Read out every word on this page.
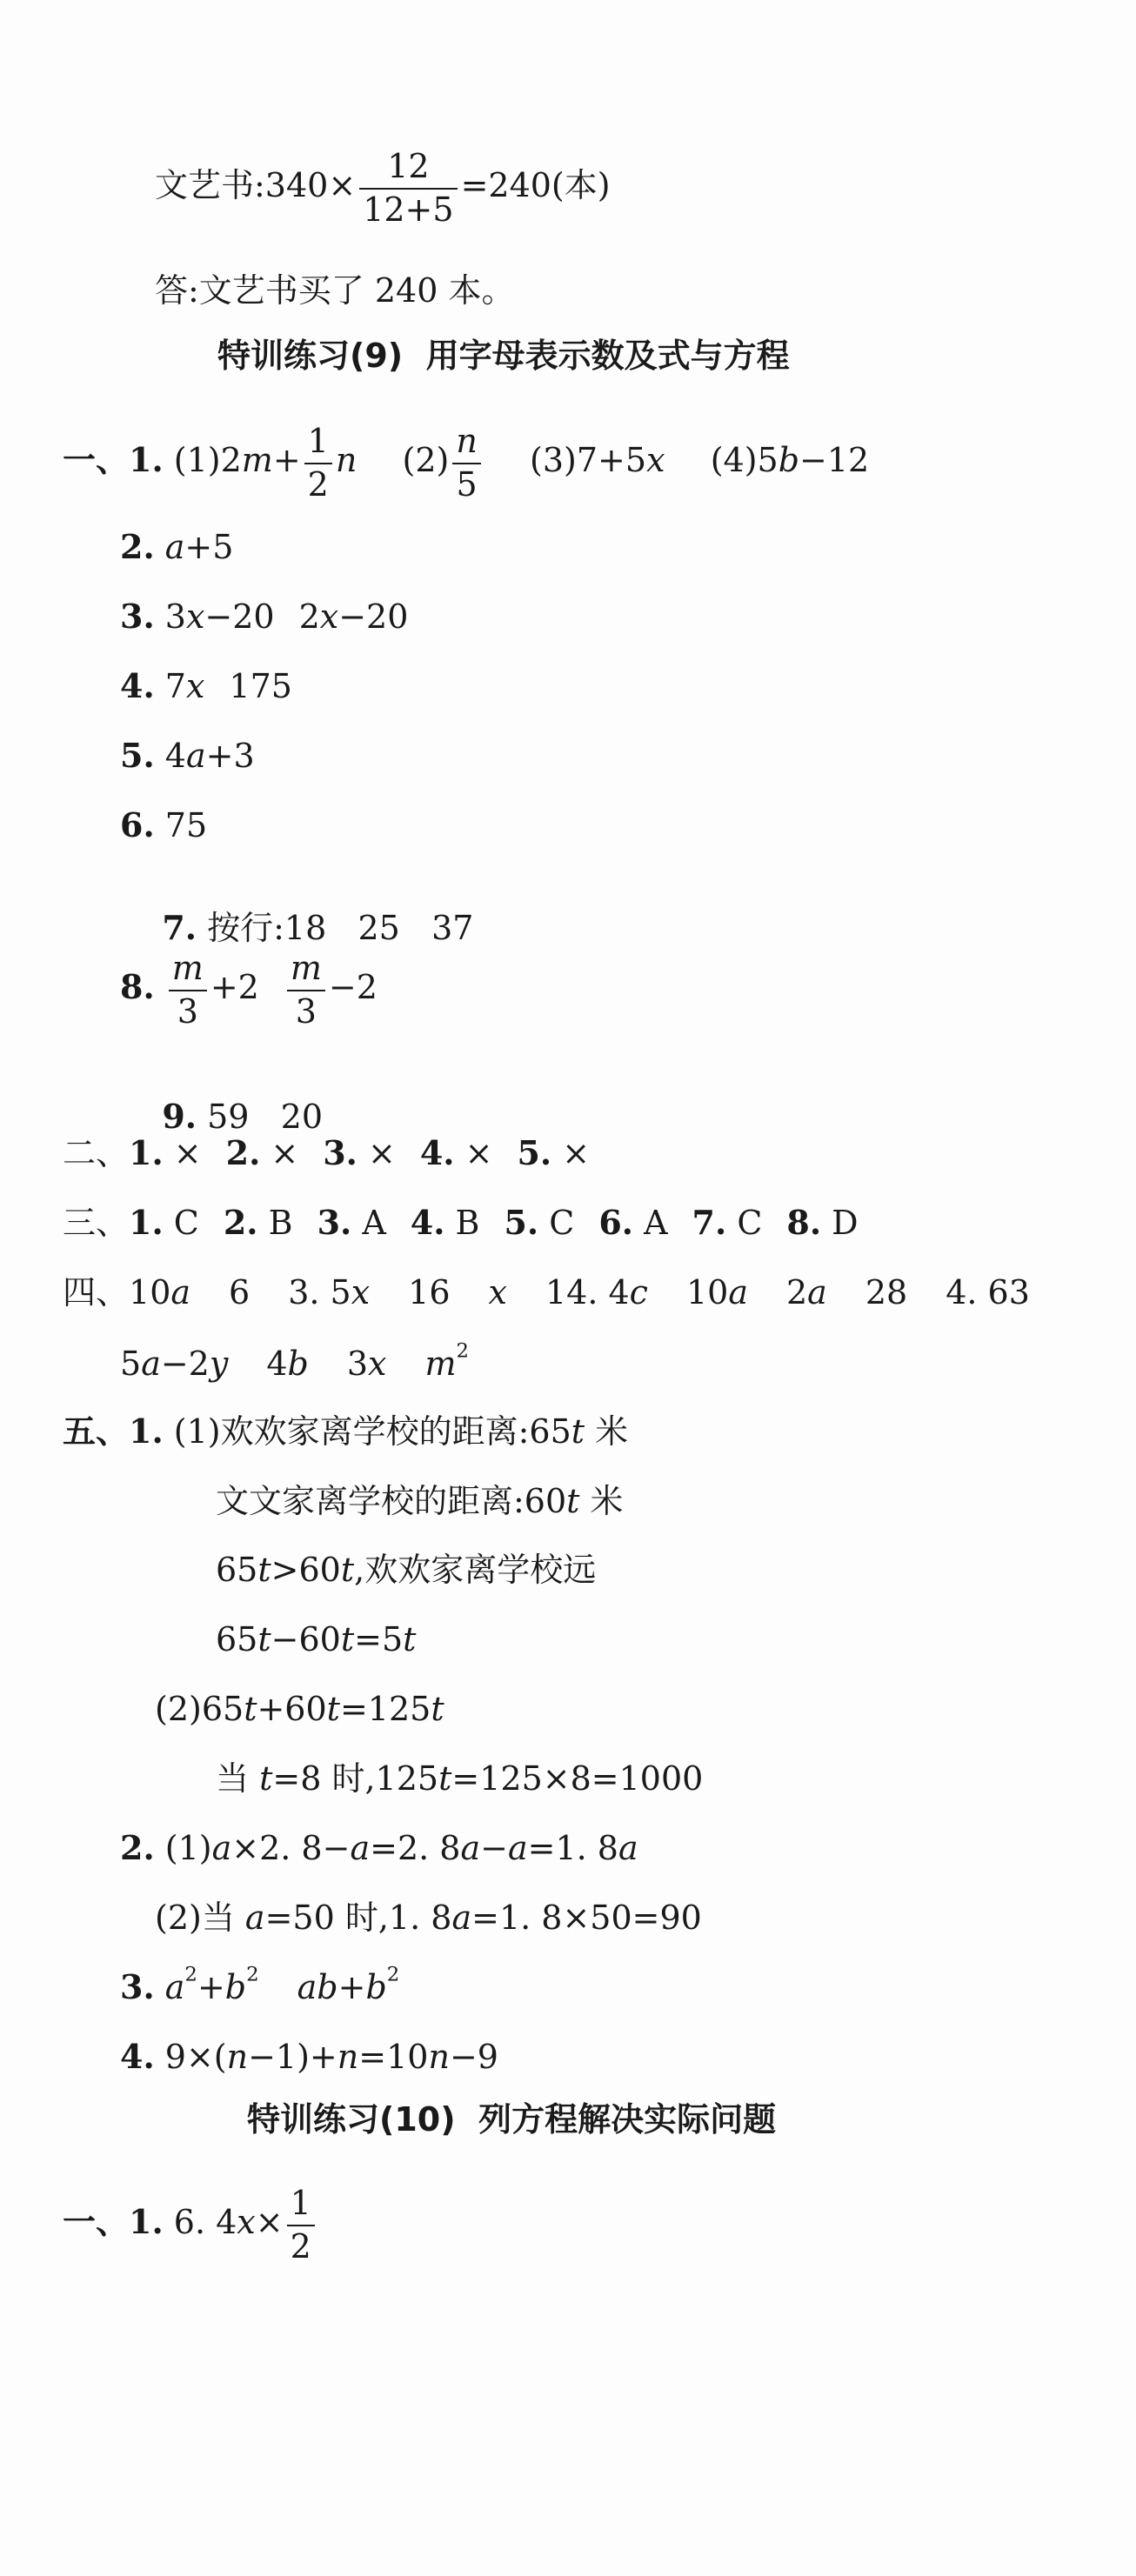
文艺书:340× $\frac{12}{12+5} =240$(本)
答:文艺书买了 240 本。
特训练习(9)  用字母表示数及式与方程
一、1. $(1)2m+ \frac{1}{2}$ n $(2) \frac{n}{5} (3)7+5x$ (4)5b−12
2. a+5
3. 3x−20 2x−20
4. 7x 175
5. 4a+3
6. 75

7. 按行:18   25   37

8. $\frac{m}{3} +2 \frac{m}{3} -2$

9. 59   20

二、1. × 2. × 3. × 4. × 5. ×
三、1. C 2. B 3. A 4. B 5. C 6. A 7. C 8. D
四、10a 6 3. 5x 16 x 14. 4c 10a 2a 28 4. 63
5a−2y 4b 3x $m^2$
五、1. (1)欢欢家离学校的距离:65t 米
文文家离学校的距离:60t 米
65t>60t,欢欢家离学校远
65t−60t=5t
(2)65t+60t=125t
当 t=8 时,125t=125×8=1000
2. (1)a×2. 8−a=2. 8a−a=1. 8a
(2)当 a=50 时,1. 8a=1. 8×50=90
3. $a^2+b^2$ $ab+b^2$
4. 9×(n−1)+n=10n−9
特训练习(10)  列方程解决实际问题
一、1. 6. $4x\times \frac{1}{2}$
